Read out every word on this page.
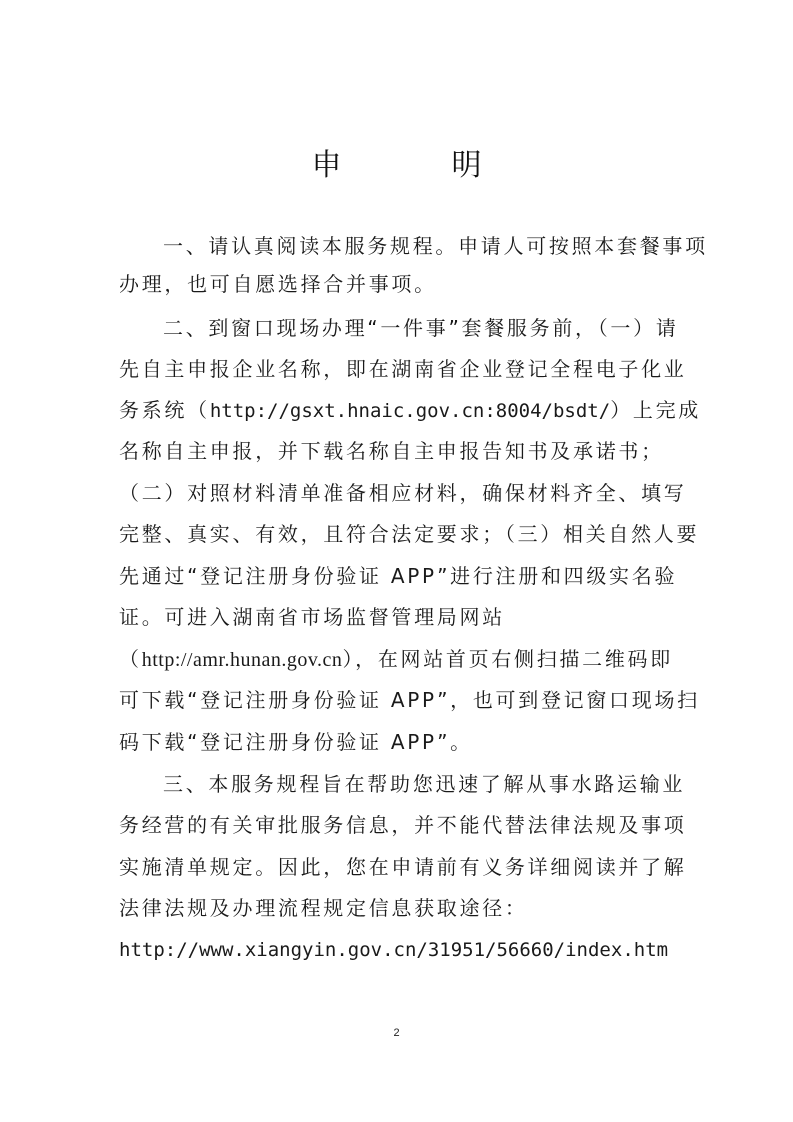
申　明
一、请认真阅读本服务规程。申请人可按照本套餐事项
办理，也可自愿选择合并事项。
二、到窗口现场办理“一件事”套餐服务前，（一）请
先自主申报企业名称，即在湖南省企业登记全程电子化业
务系统（http://gsxt.hnaic.gov.cn:8004/bsdt/）上完成
名称自主申报，并下载名称自主申报告知书及承诺书；
（二）对照材料清单准备相应材料，确保材料齐全、填写
完整、真实、有效，且符合法定要求；（三）相关自然人要
先通过“登记注册身份验证 APP”进行注册和四级实名验
证。可进入湖南省市场监督管理局网站
（http://amr.hunan.gov.cn），在网站首页右侧扫描二维码即
可下载“登记注册身份验证 APP”，也可到登记窗口现场扫
码下载“登记注册身份验证 APP”。
三、本服务规程旨在帮助您迅速了解从事水路运输业
务经营的有关审批服务信息，并不能代替法律法规及事项
实施清单规定。因此，您在申请前有义务详细阅读并了解
法律法规及办理流程规定信息获取途径：
http://www.xiangyin.gov.cn/31951/56660/index.htm
2
